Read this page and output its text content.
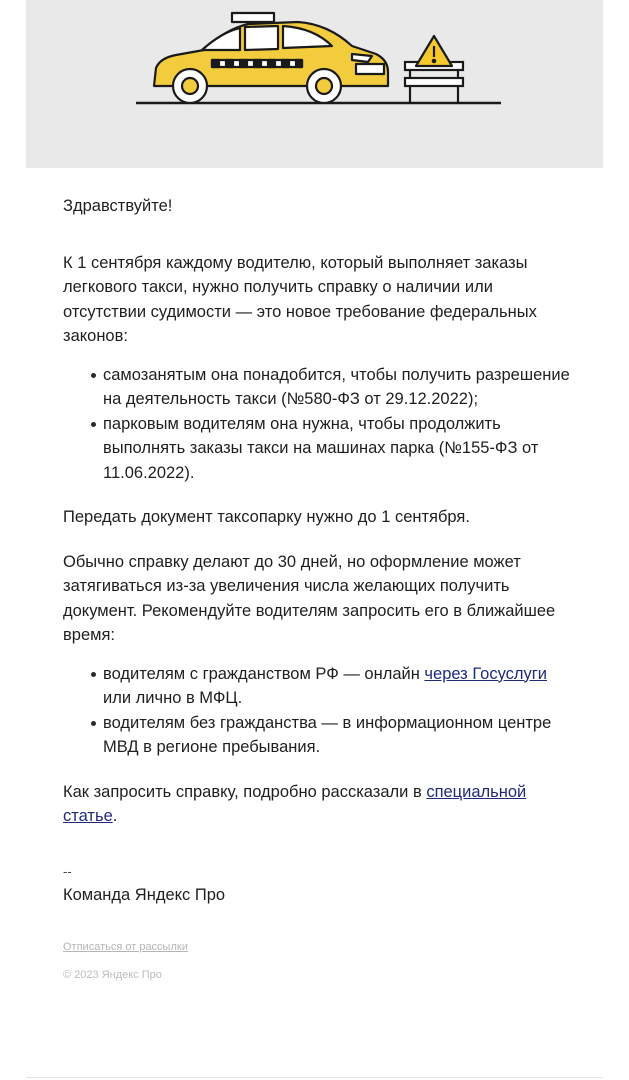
Здравствуйте!

К 1 сентября каждому водителю, который выполняет заказы легкового такси, нужно получить справку о наличии или отсутствии судимости — это новое требование федеральных законов:

самозанятым она понадобится, чтобы получить разрешение на деятельность такси (№580-ФЗ от 29.12.2022);
парковым водителям она нужна, чтобы продолжить выполнять заказы такси на машинах парка (№155-ФЗ от 11.06.2022).

Передать документ таксопарку нужно до 1 сентября.

Обычно справку делают до 30 дней, но оформление может затягиваться из-за увеличения числа желающих получить документ. Рекомендуйте водителям запросить его в ближайшее время:

водителям с гражданством РФ — онлайн через Госуслуги или лично в МФЦ.
водителям без гражданства — в информационном центре МВД в регионе пребывания.

Как запросить справку, подробно рассказали в специальной статье.

--

Команда Яндекс Про

Отписаться от рассылки

© 2023 Яндекс Про
